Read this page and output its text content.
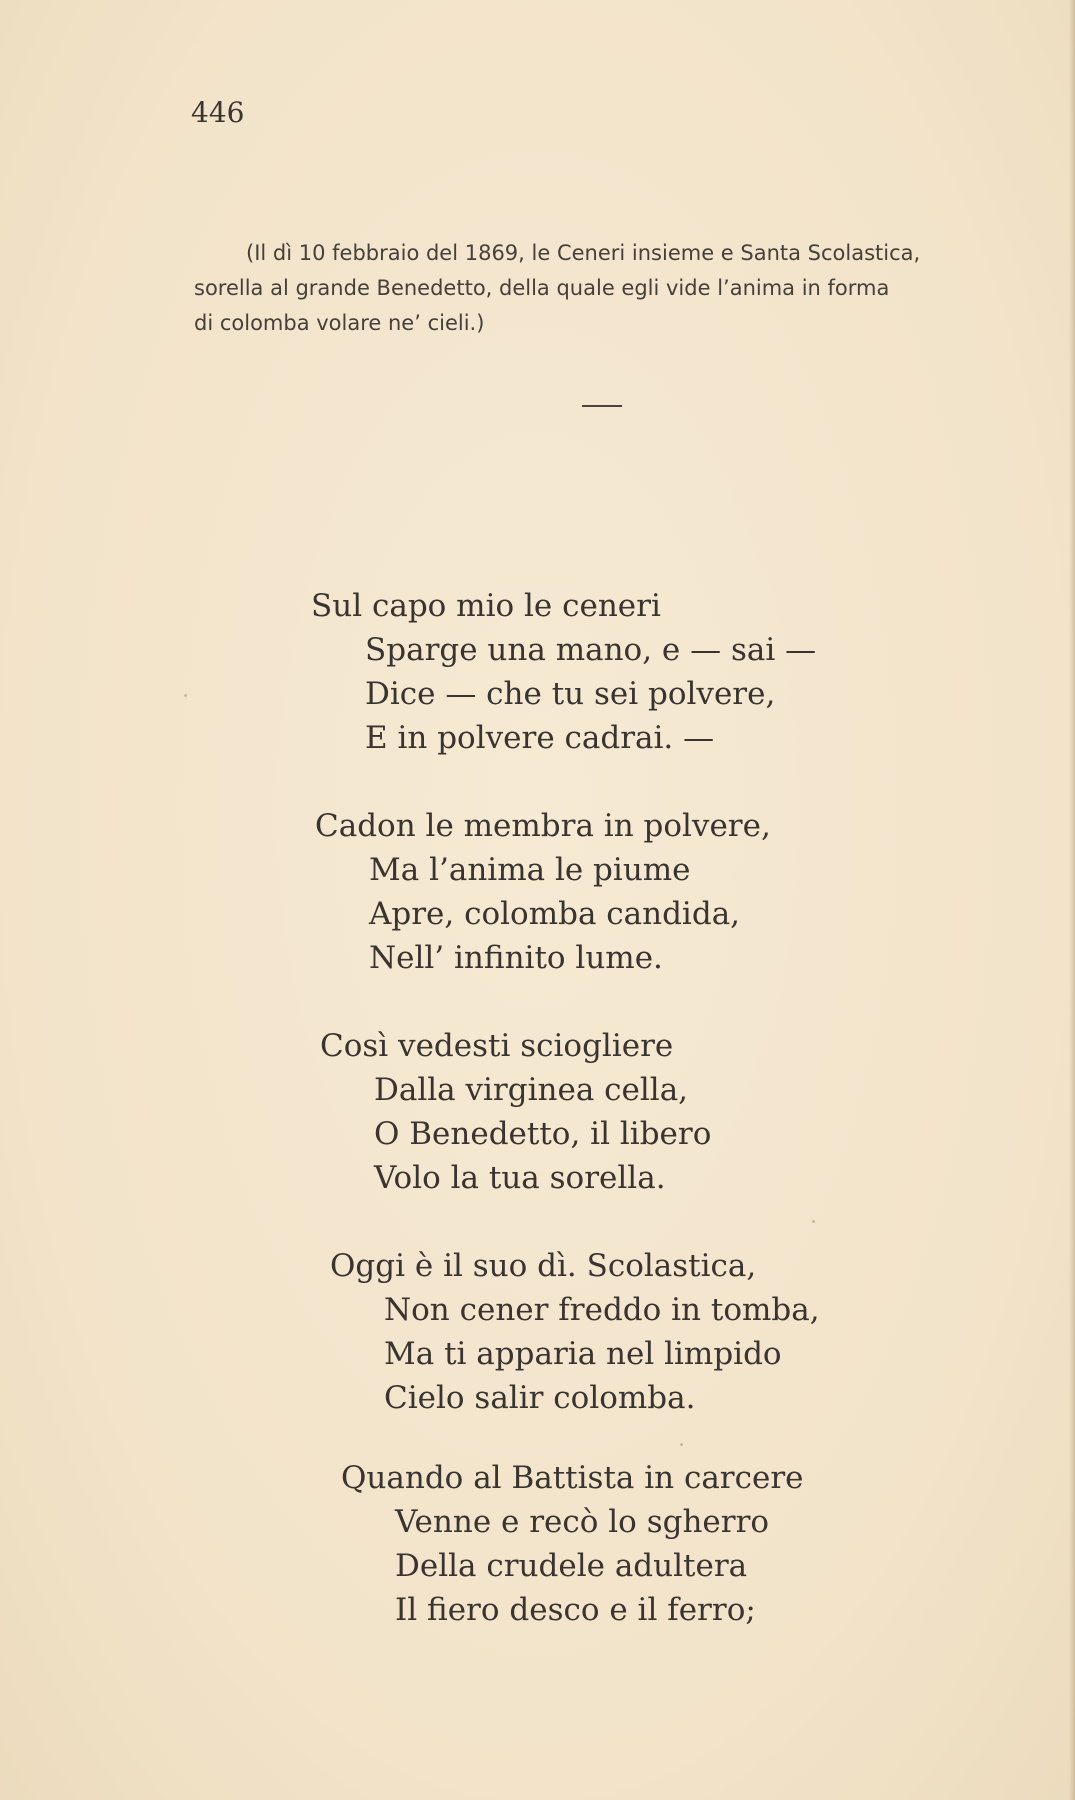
446
(Il dì 10 febbraio del 1869, le Ceneri insieme e Santa Scolastica,
sorella al grande Benedetto, della quale egli vide l’anima in forma
di colomba volare ne’ cieli.)
Sul capo mio le ceneri
Sparge una mano, e — sai —
Dice — che tu sei polvere,
E in polvere cadrai. —
Cadon le membra in polvere,
Ma l’anima le piume
Apre, colomba candida,
Nell’ infinito lume.
Così vedesti sciogliere
Dalla virginea cella,
O Benedetto, il libero
Volo la tua sorella.
Oggi è il suo dì. Scolastica,
Non cener freddo in tomba,
Ma ti apparia nel limpido
Cielo salir colomba.
Quando al Battista in carcere
Venne e recò lo sgherro
Della crudele adultera
Il fiero desco e il ferro;
